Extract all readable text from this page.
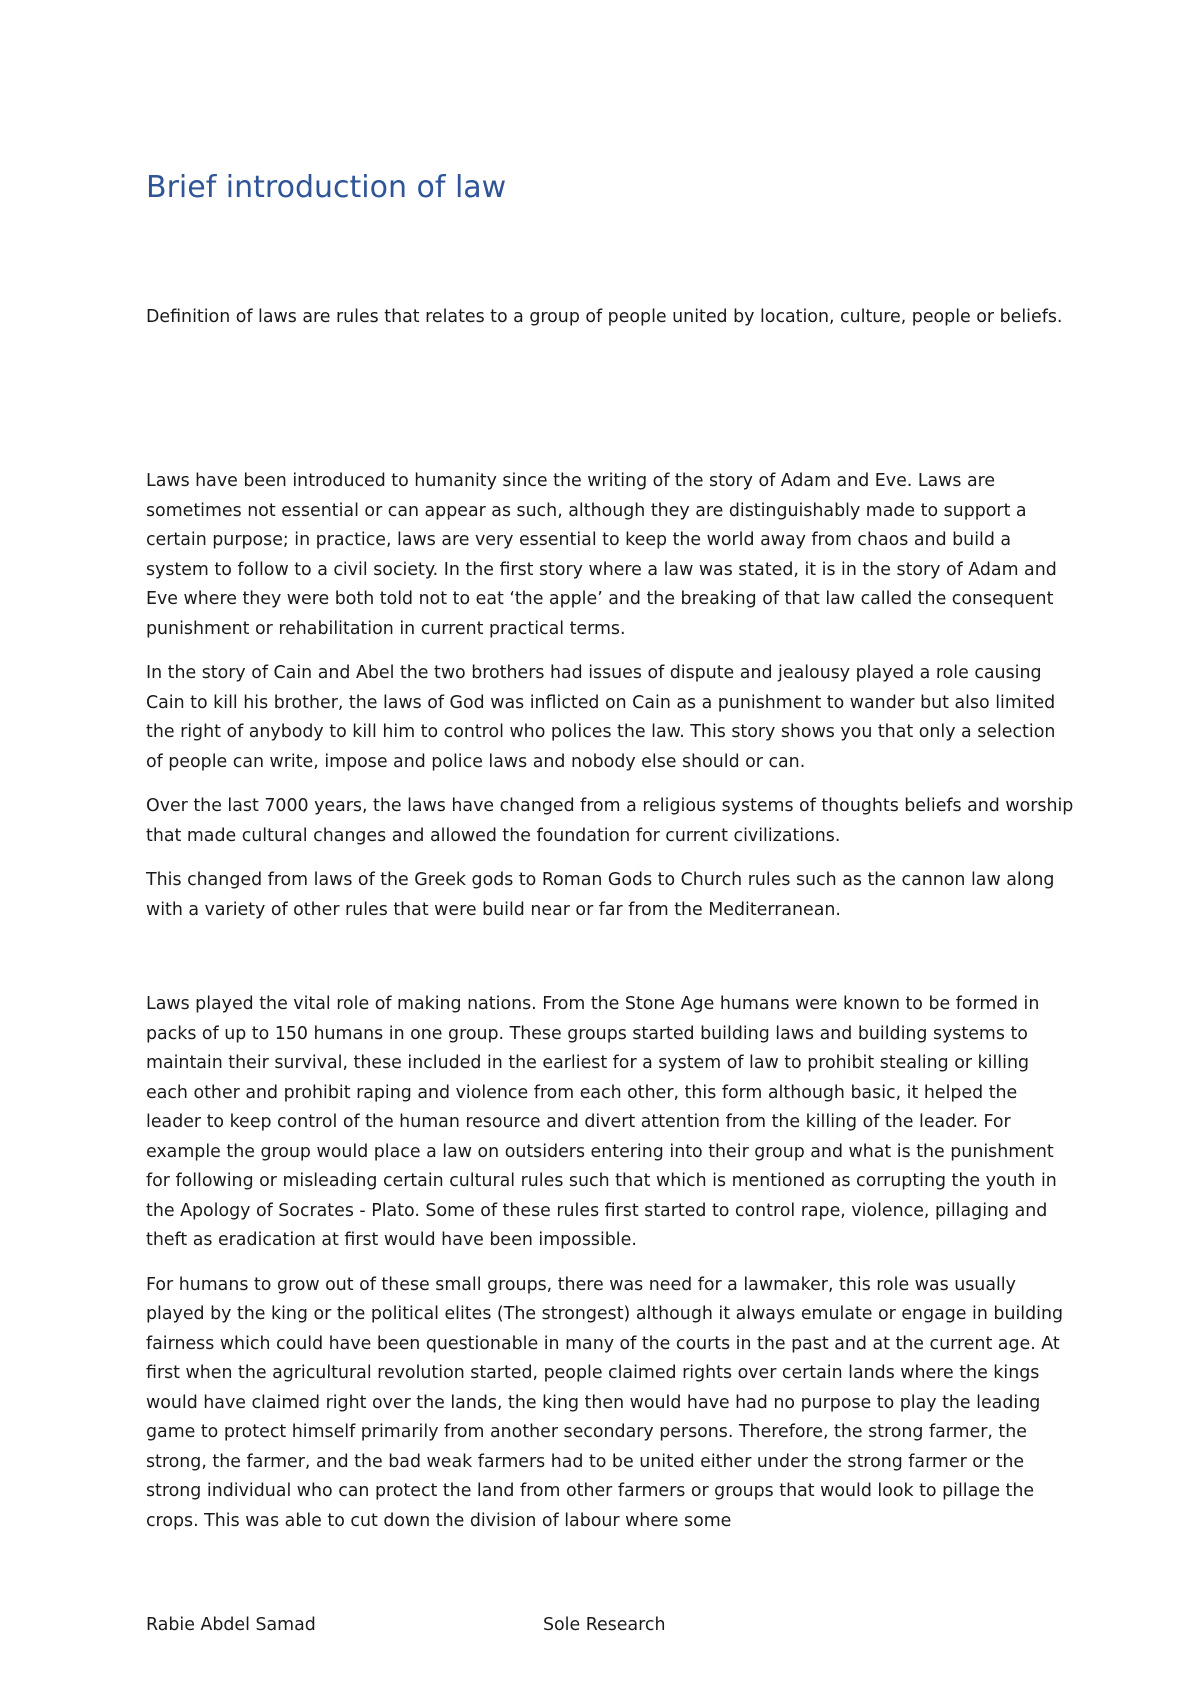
Brief introduction of law

Definition of laws are rules that relates to a group of people united by location, culture, people or beliefs.

Laws have been introduced to humanity since the writing of the story of Adam and Eve. Laws are sometimes not essential or can appear as such, although they are distinguishably made to support a certain purpose; in practice, laws are very essential to keep the world away from chaos and build a system to follow to a civil society. In the first story where a law was stated, it is in the story of Adam and Eve where they were both told not to eat ‘the apple’ and the breaking of that law called the consequent punishment or rehabilitation in current practical terms.

In the story of Cain and Abel the two brothers had issues of dispute and jealousy played a role causing Cain to kill his brother, the laws of God was inflicted on Cain as a punishment to wander but also limited the right of anybody to kill him to control who polices the law. This story shows you that only a selection of people can write, impose and police laws and nobody else should or can.

Over the last 7000 years, the laws have changed from a religious systems of thoughts beliefs and worship that made cultural changes and allowed the foundation for current civilizations.

This changed from laws of the Greek gods to Roman Gods to Church rules such as the cannon law along with a variety of other rules that were build near or far from the Mediterranean.

Laws played the vital role of making nations. From the Stone Age humans were known to be formed in packs of up to 150 humans in one group. These groups started building laws and building systems to maintain their survival, these included in the earliest for a system of law to prohibit stealing or killing each other and prohibit raping and violence from each other, this form although basic, it helped the leader to keep control of the human resource and divert attention from the killing of the leader. For example the group would place a law on outsiders entering into their group and what is the punishment for following or misleading certain cultural rules such that which is mentioned as corrupting the youth in the Apology of Socrates - Plato. Some of these rules first started to control rape, violence, pillaging and theft as eradication at first would have been impossible.

For humans to grow out of these small groups, there was need for a lawmaker, this role was usually played by the king or the political elites (The strongest) although it always emulate or engage in building fairness which could have been questionable in many of the courts in the past and at the current age. At first when the agricultural revolution started, people claimed rights over certain lands where the kings would have claimed right over the lands, the king then would have had no purpose to play the leading game to protect himself primarily from another secondary persons. Therefore, the strong farmer, the strong, the farmer, and the bad weak farmers had to be united either under the strong farmer or the strong individual who can protect the land from other farmers or groups that would look to pillage the crops. This was able to cut down the division of labour where some

Rabie Abdel Samad	Sole Research
